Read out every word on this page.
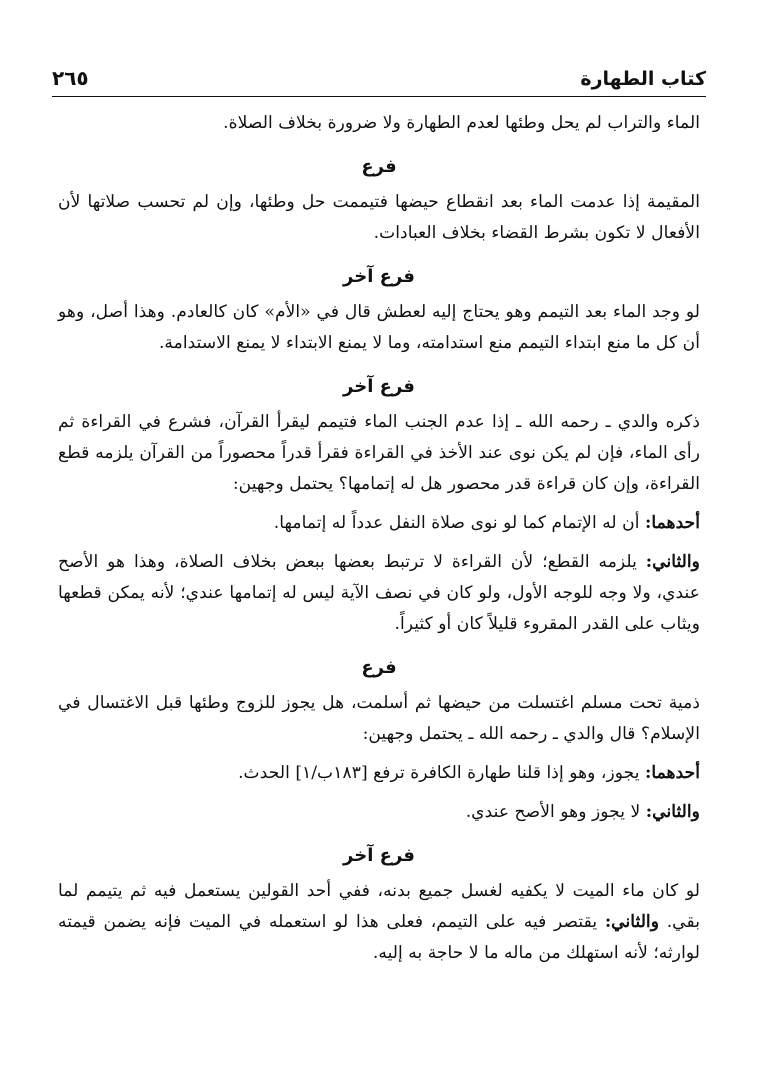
كتاب الطهارة
٢٦٥

الماء والتراب لم يحل وطئها لعدم الطهارة ولا ضرورة بخلاف الصلاة.

فرع

المقيمة إذا عدمت الماء بعد انقطاع حيضها فتيممت حل وطئها، وإن لم تحسب صلاتها لأن الأفعال لا تكون بشرط القضاء بخلاف العبادات.

فرع آخر

لو وجد الماء بعد التيمم وهو يحتاج إليه لعطش قال في «الأم» كان كالعادم. وهذا أصل، وهو أن كل ما منع ابتداء التيمم منع استدامته، وما لا يمنع الابتداء لا يمنع الاستدامة.

فرع آخر

ذكره والدي ـ رحمه الله ـ إذا عدم الجنب الماء فتيمم ليقرأ القرآن، فشرع في القراءة ثم رأى الماء، فإن لم يكن نوى عند الأخذ في القراءة فقرأ قدراً محصوراً من القرآن يلزمه قطع القراءة، وإن كان قراءة قدر محصور هل له إتمامها؟ يحتمل وجهين:

أحدهما: أن له الإتمام كما لو نوى صلاة النفل عدداً له إتمامها.

والثاني: يلزمه القطع؛ لأن القراءة لا ترتبط بعضها ببعض بخلاف الصلاة، وهذا هو الأصح عندي، ولا وجه للوجه الأول، ولو كان في نصف الآية ليس له إتمامها عندي؛ لأنه يمكن قطعها ويثاب على القدر المقروء قليلاً كان أو كثيراً.

فرع

ذمية تحت مسلم اغتسلت من حيضها ثم أسلمت، هل يجوز للزوج وطئها قبل الاغتسال في الإسلام؟ قال والدي ـ رحمه الله ـ يحتمل وجهين:

أحدهما: يجوز، وهو إذا قلنا طهارة الكافرة ترفع [١٨٣ب/١] الحدث.

والثاني: لا يجوز وهو الأصح عندي.

فرع آخر

لو كان ماء الميت لا يكفيه لغسل جميع بدنه، ففي أحد القولين يستعمل فيه ثم يتيمم لما بقي. والثاني: يقتصر فيه على التيمم، فعلى هذا لو استعمله في الميت فإنه يضمن قيمته لوارثه؛ لأنه استهلك من ماله ما لا حاجة به إليه.
